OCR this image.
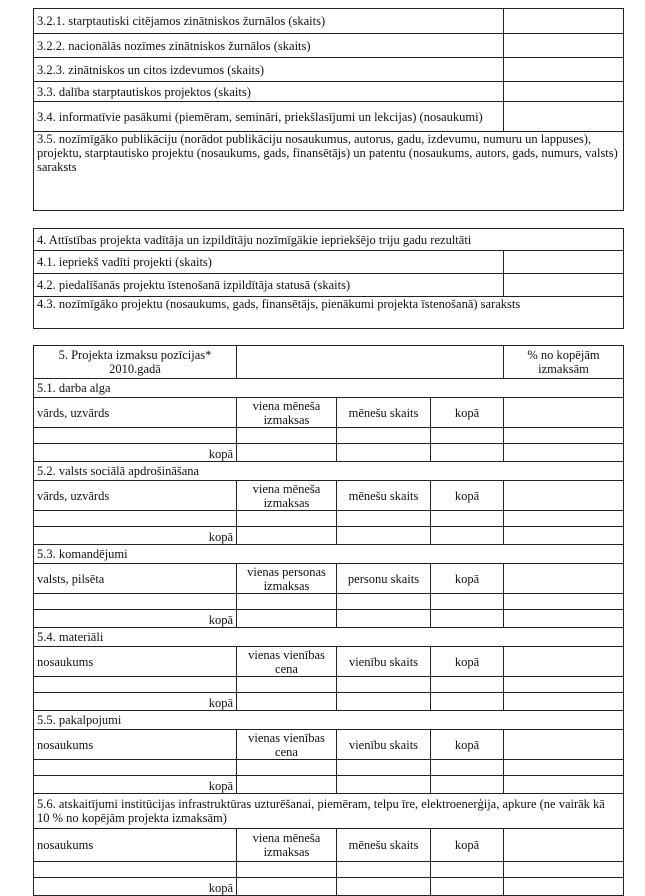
3.2.1. starptautiski citējamos zinātniskos žurnālos (skaits)	
3.2.2. nacionālās nozīmes zinātniskos žurnālos (skaits)	
3.2.3. zinātniskos un citos izdevumos (skaits)	
3.3. dalība starptautiskos projektos (skaits)	
3.4. informatīvie pasākumi (piemēram, semināri, priekšlasījumi un lekcijas) (nosaukumi)	
3.5. nozīmīgāko publikāciju (norādot publikāciju nosaukumus, autorus, gadu, izdevumu, numuru un lappuses), projektu, starptautisko projektu (nosaukums, gads, finansētājs) un patentu (nosaukums, autors, gads, numurs, valsts) saraksts	
4. Attīstības projekta vadītāja un izpildītāju nozīmīgākie iepriekšējo triju gadu rezultāti	
4.1. iepriekš vadīti projekti (skaits)	
4.2. piedalīšanās projektu īstenošanā izpildītāja statusā (skaits)	
4.3. nozīmīgāko projektu (nosaukums, gads, finansētājs, pienākumi projekta īstenošanā) saraksts	
5. Projekta izmaksu pozīcijas* 2010.gadā				% no kopējām izmaksām
5.1. darba alga				
vārds, uzvārds	viena mēneša izmaksas	mēnešu skaits	kopā	

kopā				
5.2. valsts sociālā apdrošināšana				
vārds, uzvārds	viena mēneša izmaksas	mēnešu skaits	kopā	

kopā				
5.3. komandējumi				
valsts, pilsēta	vienas personas izmaksas	personu skaits	kopā	

kopā				
5.4. materiāli				
nosaukums	vienas vienības cena	vienību skaits	kopā	

kopā				
5.5. pakalpojumi				
nosaukums	vienas vienības cena	vienību skaits	kopā	

kopā				
5.6. atskaitījumi institūcijas infrastruktūras uzturēšanai, piemēram, telpu īre, elektroenerģija, apkure (ne vairāk kā 10 % no kopējām projekta izmaksām)				
nosaukums	viena mēneša izmaksas	mēnešu skaits	kopā	

kopā				
